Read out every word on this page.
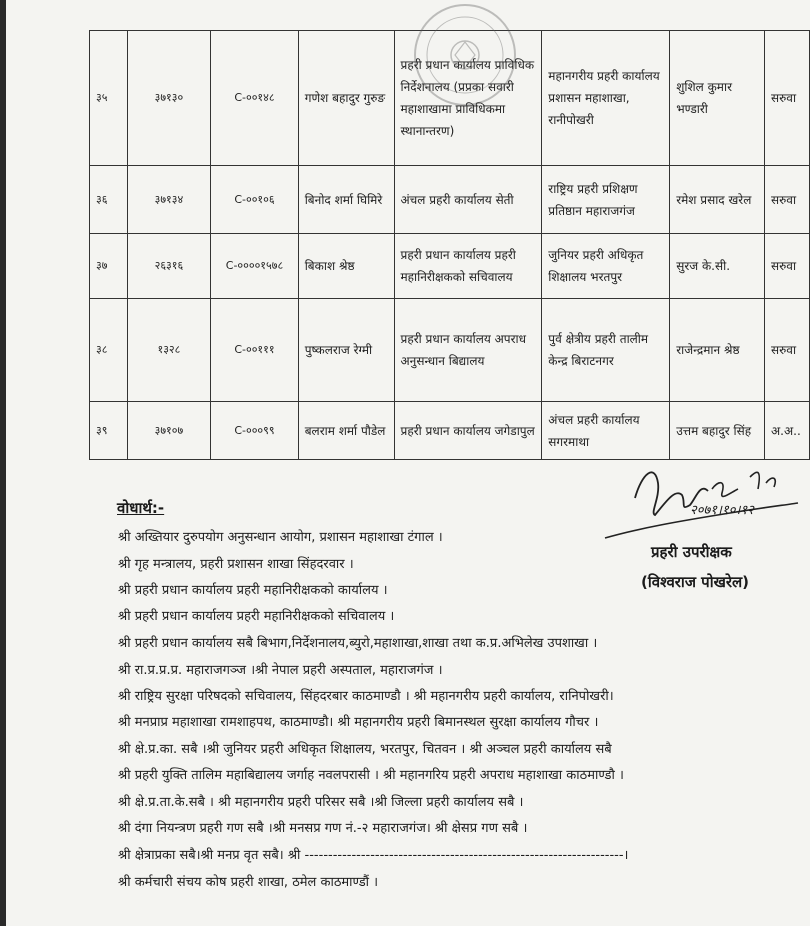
३५	३७१३०	C-००१४८	गणेश बहादुर गुरुङ	प्रहरी प्रधान कार्यालय प्राविधिक निर्देशनालय (प्रप्रका सवारी महाशाखामा प्राविधिकमा स्थानान्तरण)	महानगरीय प्रहरी कार्यालय प्रशासन महाशाखा, रानीपोखरी	शुशिल कुमार भण्डारी	सरुवा
३६	३७१३४	C-००१०६	बिनोद शर्मा घिमिरे	अंचल प्रहरी कार्यालय सेती	राष्ट्रिय प्रहरी प्रशिक्षण प्रतिष्ठान महाराजगंज	रमेश प्रसाद खरेल	सरुवा
३७	२६३१६	C-००००१५७८	बिकाश श्रेष्ठ	प्रहरी प्रधान कार्यालय प्रहरी महानिरीक्षकको सचिवालय	जुनियर प्रहरी अधिकृत शिक्षालय भरतपुर	सुरज के.सी.	सरुवा
३८	१३२८	C-००१११	पुष्कलराज रेग्मी	प्रहरी प्रधान कार्यालय अपराध अनुसन्धान बिद्यालय	पुर्व क्षेत्रीय प्रहरी तालीम केन्द्र बिराटनगर	राजेन्द्रमान श्रेष्ठ	सरुवा
३९	३७१०७	C-०००९९	बलराम शर्मा पौडेल	प्रहरी प्रधान कार्यालय जगेडापुल	अंचल प्रहरी कार्यालय सगरमाथा	उत्तम बहादुर सिंह	अ.अ..
वोधार्थ:-
श्री अख्तियार दुरुपयोग अनुसन्धान आयोग, प्रशासन महाशाखा टंगाल ।
श्री गृह मन्त्रालय, प्रहरी प्रशासन शाखा सिंहदरवार ।
श्री प्रहरी प्रधान कार्यालय प्रहरी महानिरीक्षकको कार्यालय ।
श्री प्रहरी प्रधान कार्यालय प्रहरी महानिरीक्षकको सचिवालय ।
श्री प्रहरी प्रधान कार्यालय सबै बिभाग,निर्देशनालय,ब्युरो,महाशाखा,शाखा तथा क.प्र.अभिलेख उपशाखा ।
श्री रा.प्र.प्र.प्र. महाराजगञ्ज ।श्री नेपाल प्रहरी अस्पताल, महाराजगंज ।
श्री राष्ट्रिय सुरक्षा परिषदको सचिवालय, सिंहदरबार काठमाण्डौ । श्री महानगरीय प्रहरी कार्यालय, रानिपोखरी।
श्री मनप्राप्र महाशाखा रामशाहपथ, काठमाण्डौ। श्री महानगरीय प्रहरी बिमानस्थल सुरक्षा कार्यालय गौचर ।
श्री क्षे.प्र.का. सबै ।श्री जुनियर प्रहरी अधिकृत शिक्षालय, भरतपुर, चितवन । श्री अञ्चल प्रहरी कार्यालय सबै
श्री प्रहरी युक्ति तालिम महाबिद्यालय जर्गाह नवलपरासी । श्री महानगरिय प्रहरी अपराध महाशाखा काठमाण्डौ ।
श्री क्षे.प्र.ता.के.सबै । श्री महानगरीय प्रहरी परिसर सबै ।श्री जिल्ला प्रहरी कार्यालय सबै ।
श्री दंगा नियन्त्रण प्रहरी गण सबै ।श्री मनसप्र गण नं.-२ महाराजगंज। श्री क्षेसप्र गण सबै ।
श्री क्षेत्राप्रका सबै।श्री मनप्र वृत सबै। श्री --------------------------------------------------------------------।
श्री कर्मचारी संचय कोष प्रहरी शाखा, ठमेल काठमाण्डौं ।
२०७१।१०।१२
प्रहरी उपरीक्षक
(विश्वराज पोखरेल)
